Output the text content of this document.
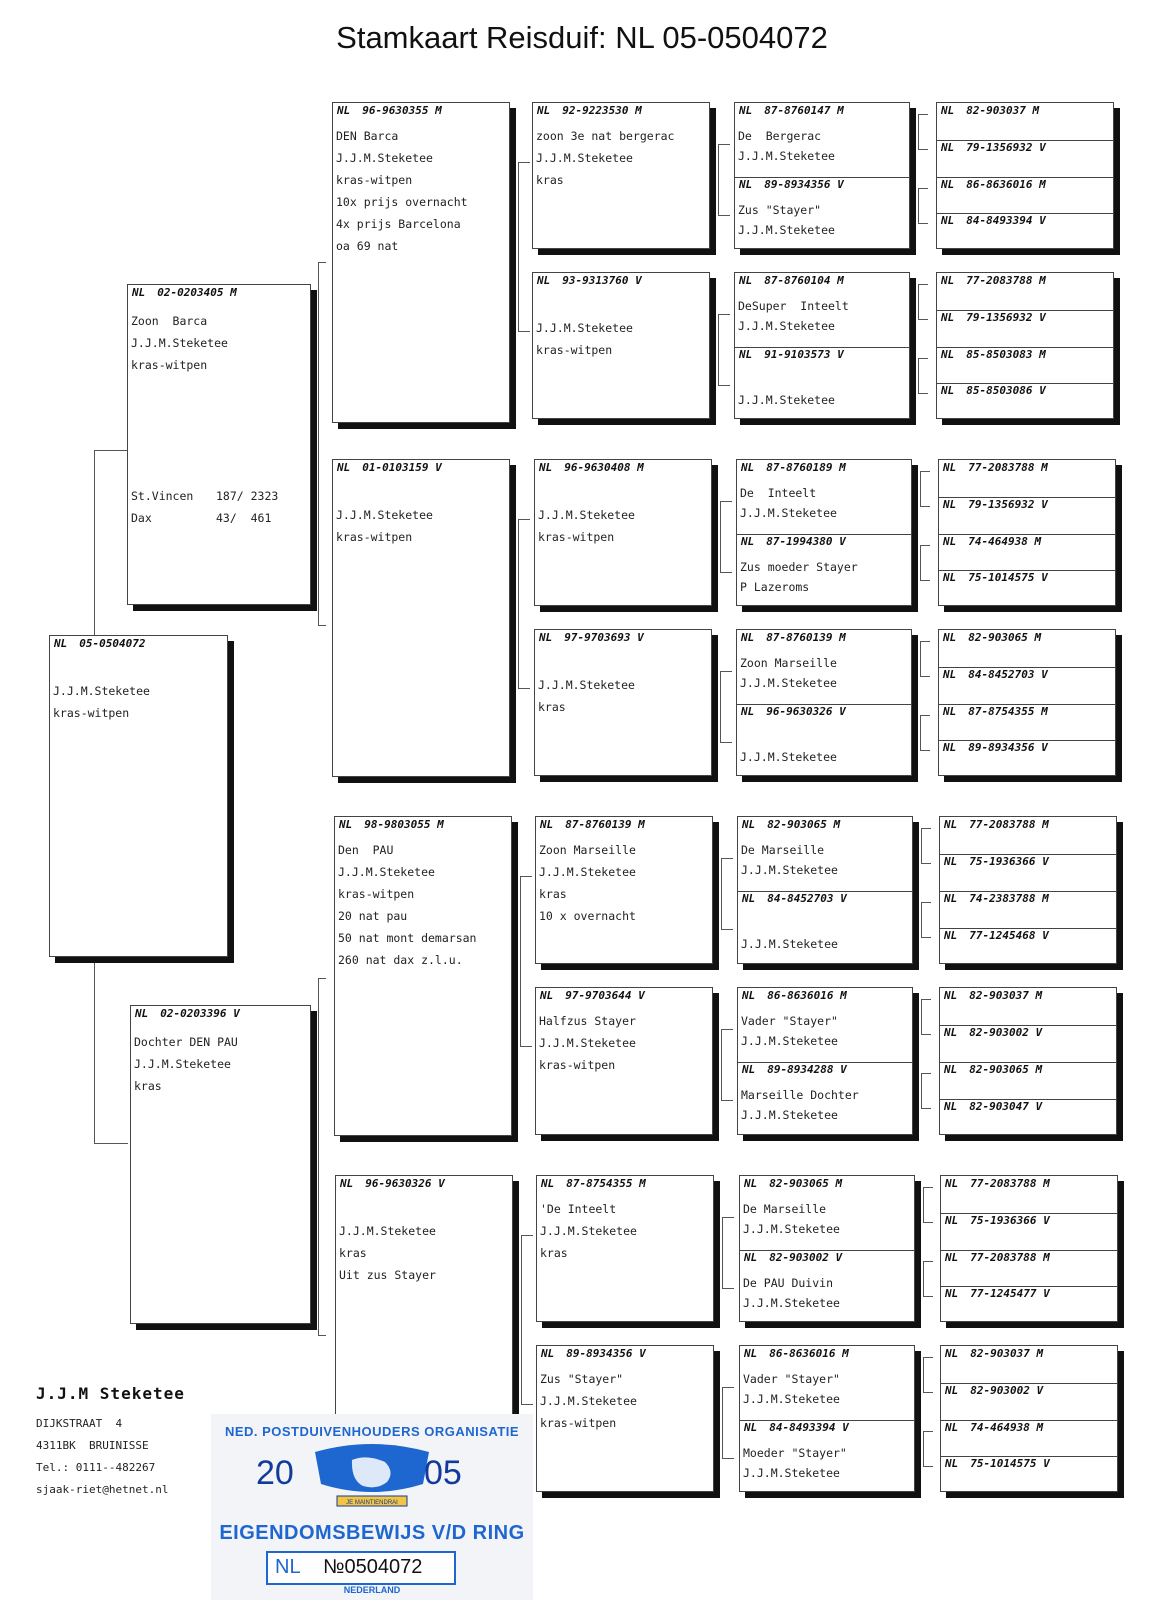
Stamkaart Reisduif: NL 05-0504072
NL 05-0504072
J.J.M.Steketee
kras-witpen
NL 02-0203405 M
Zoon  Barca
J.J.M.Steketee
kras-witpen
St.Vincen 187/ 2323
Dax	43/  461
NL 02-0203396 V
Dochter DEN PAU
J.J.M.Steketee
kras
NL 96-9630355 M
DEN Barca
J.J.M.Steketee
kras-witpen
10x prijs overnacht
4x prijs Barcelona
oa 69 nat
NL 01-0103159 V
J.J.M.Steketee
kras-witpen
NL 98-9803055 M
Den  PAU
J.J.M.Steketee
kras-witpen
20 nat pau
50 nat mont demarsan
260 nat dax z.l.u.
NL 96-9630326 V
J.J.M.Steketee
kras
Uit zus Stayer
NL 92-9223530 M
zoon 3e nat bergerac
J.J.M.Steketee
kras
NL 93-9313760 V
J.J.M.Steketee
kras-witpen
NL 96-9630408 M
J.J.M.Steketee
kras-witpen
NL 97-9703693 V
J.J.M.Steketee
kras
NL 87-8760139 M
Zoon Marseille
J.J.M.Steketee
kras
10 x overnacht
NL 97-9703644 V
Halfzus Stayer
J.J.M.Steketee
kras-witpen
NL 87-8754355 M
'De Inteelt
J.J.M.Steketee
kras
NL 89-8934356 V
Zus "Stayer"
J.J.M.Steketee
kras-witpen
NL 87-8760147 M
De  Bergerac
J.J.M.Steketee
NL 89-8934356 V
Zus "Stayer"
J.J.M.Steketee
NL 87-8760104 M
DeSuper  Inteelt
J.J.M.Steketee
NL 91-9103573 V
J.J.M.Steketee
NL 87-8760189 M
De  Inteelt
J.J.M.Steketee
NL 87-1994380 V
Zus moeder Stayer
P Lazeroms
NL 87-8760139 M
Zoon Marseille
J.J.M.Steketee
NL 96-9630326 V
J.J.M.Steketee
NL 82-903065 M
De Marseille
J.J.M.Steketee
NL 84-8452703 V
J.J.M.Steketee
NL 86-8636016 M
Vader "Stayer"
J.J.M.Steketee
NL 89-8934288 V
Marseille Dochter
J.J.M.Steketee
NL 82-903065 M
De Marseille
J.J.M.Steketee
NL 82-903002 V
De PAU Duivin
J.J.M.Steketee
NL 86-8636016 M
Vader "Stayer"
J.J.M.Steketee
NL 84-8493394 V
Moeder "Stayer"
J.J.M.Steketee
NL 82-903037 M
NL 79-1356932 V
NL 86-8636016 M
NL 84-8493394 V
NL 77-2083788 M
NL 79-1356932 V
NL 85-8503083 M
NL 85-8503086 V
NL 77-2083788 M
NL 79-1356932 V
NL 74-464938 M
NL 75-1014575 V
NL 82-903065 M
NL 84-8452703 V
NL 87-8754355 M
NL 89-8934356 V
NL 77-2083788 M
NL 75-1936366 V
NL 74-2383788 M
NL 77-1245468 V
NL 82-903037 M
NL 82-903002 V
NL 82-903065 M
NL 82-903047 V
NL 77-2083788 M
NL 75-1936366 V
NL 77-2083788 M
NL 77-1245477 V
NL 82-903037 M
NL 82-903002 V
NL 74-464938 M
NL 75-1014575 V
J.J.M Steketee
DIJKSTRAAT  4
4311BK  BRUINISSE
Tel.: 0111--482267
sjaak-riet@hetnet.nl
NED. POSTDUIVENHOUDERS ORGANISATIE
JE MAINTIENDRAI
20	05
EIGENDOMSBEWIJS V/D RING
NL №0504072
NEDERLAND
